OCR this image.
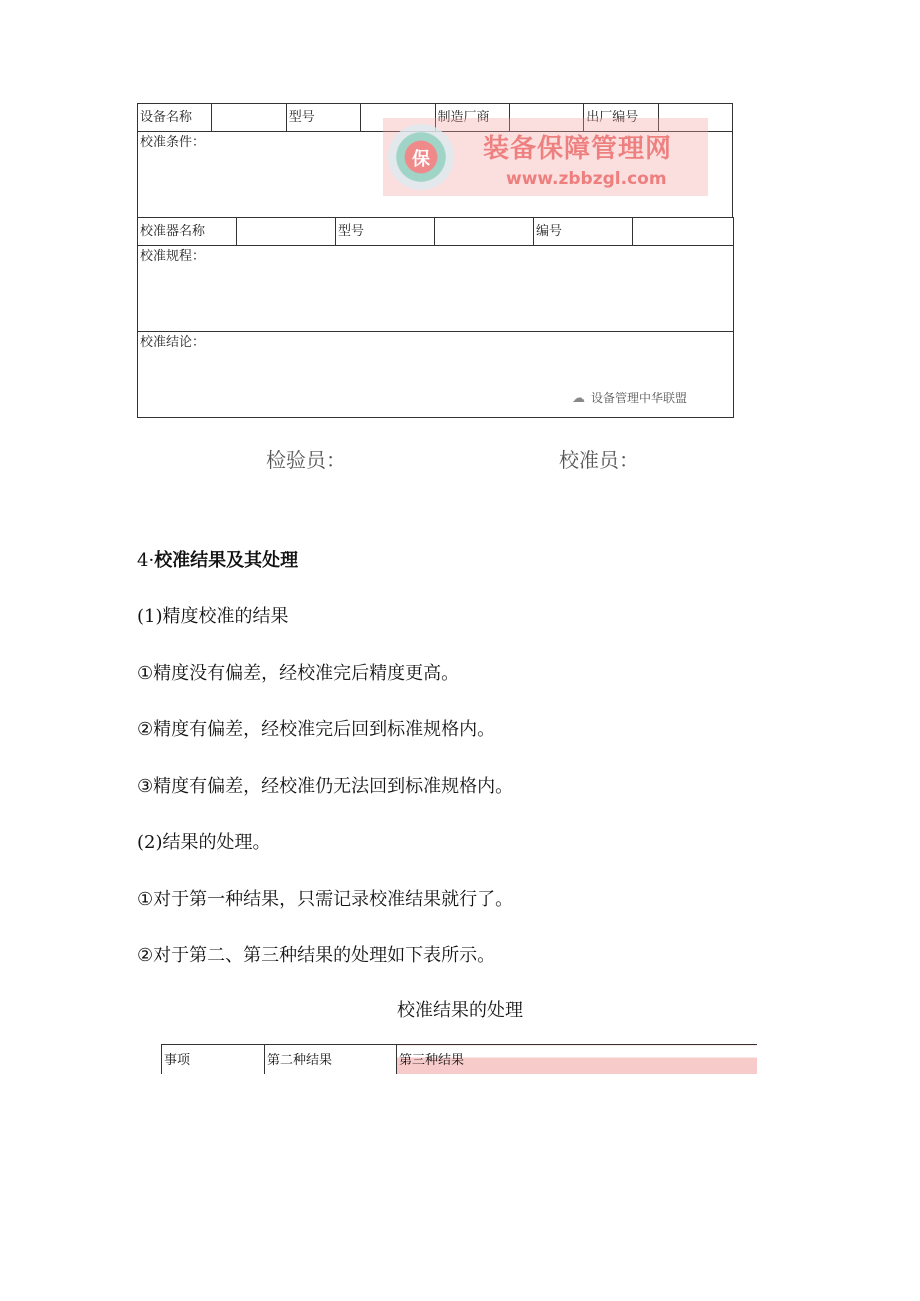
设备名称		型号		制造厂商		出厂编号	
校准条件：
校准器名称		型号		编号	
校准规程：
校准结论：
保	装备保障管理网
www.zbbzgl.com
☁ 设备管理中华联盟
检验员：	校准员：
4·校准结果及其处理
(1)精度校准的结果
①精度没有偏差，经校准完后精度更高。
②精度有偏差，经校准完后回到标准规格内。
③精度有偏差，经校准仍无法回到标准规格内。
(2)结果的处理。
①对于第一种结果，只需记录校准结果就行了。
②对于第二、第三种结果的处理如下表所示。
校准结果的处理
事项	第二种结果	第三种结果
